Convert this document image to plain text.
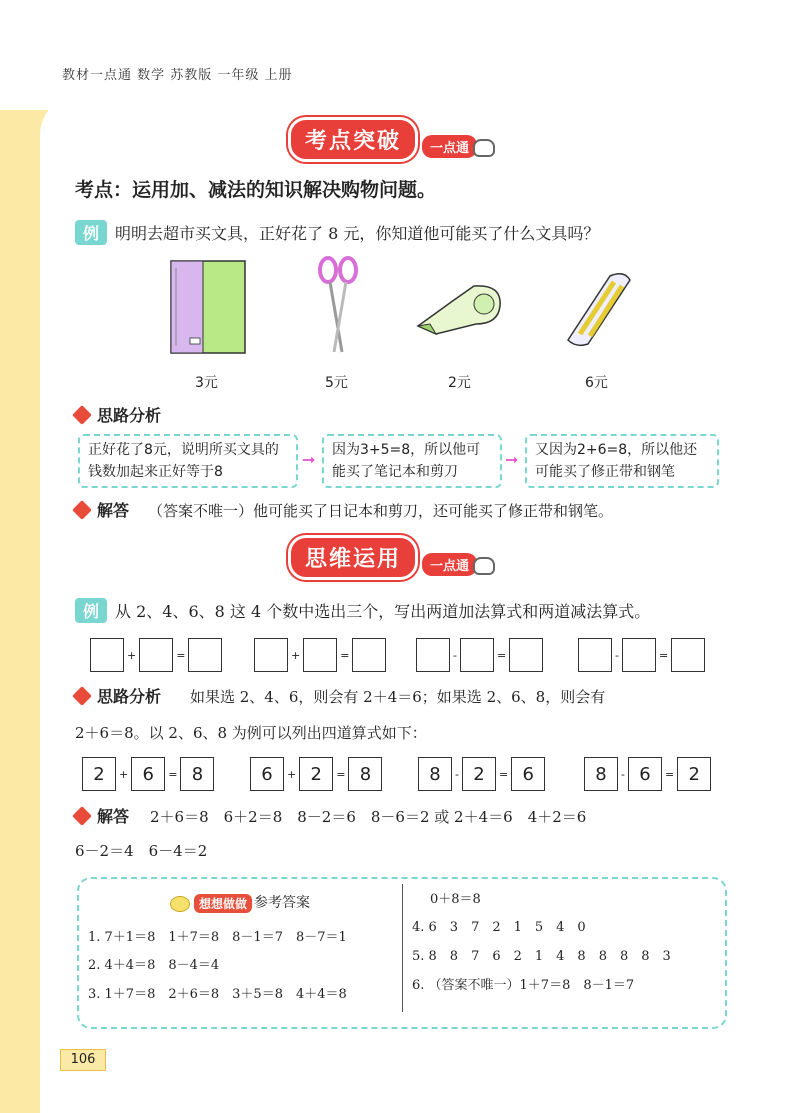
教材一点通 数学 苏教版 一年级 上册
考点突破	一点通
考点：运用加、减法的知识解决购物问题。
例 明明去超市买文具，正好花了 8 元，你知道他可能买了什么文具吗？
3元	5元	2元	6元
思路分析
正好花了8元，说明所买文具的钱数加起来正好等于8
➞	因为3+5=8，所以他可能买了笔记本和剪刀
➞	又因为2+6=8，所以他还可能买了修正带和钢笔
解答 （答案不唯一）他可能买了日记本和剪刀，还可能买了修正带和钢笔。
思维运用	一点通
例 从 2、4、6、8 这 4 个数中选出三个，写出两道加法算式和两道减法算式。
+	=	+	=	-	=	-	=
思路分析 如果选 2、4、6，则会有 2＋4＝6；如果选 2、6、8，则会有
2＋6＝8。以 2、6、8 为例可以列出四道算式如下：
2	+ 6	= 8	6	+ 2	= 8	8	- 2	= 6	8	- 6	= 2
解答 2＋6＝8　6＋2＝8　8－2＝6　8－6＝2 或 2＋4＝6　4＋2＝6
6－2＝4　6－4＝2
想想做做 参考答案
1. 7＋1＝8　1＋7＝8　8－1＝7　8－7＝1
2. 4＋4＝8　8－4＝4
3. 1＋7＝8　2＋6＝8　3＋5＝8　4＋4＝8
0＋8＝8
4. 6　3　7　2　1　5　4　0
5. 8　8　7　6　2　1　4　8　8　8　8　3
6. （答案不唯一）1＋7＝8　8－1＝7
106
